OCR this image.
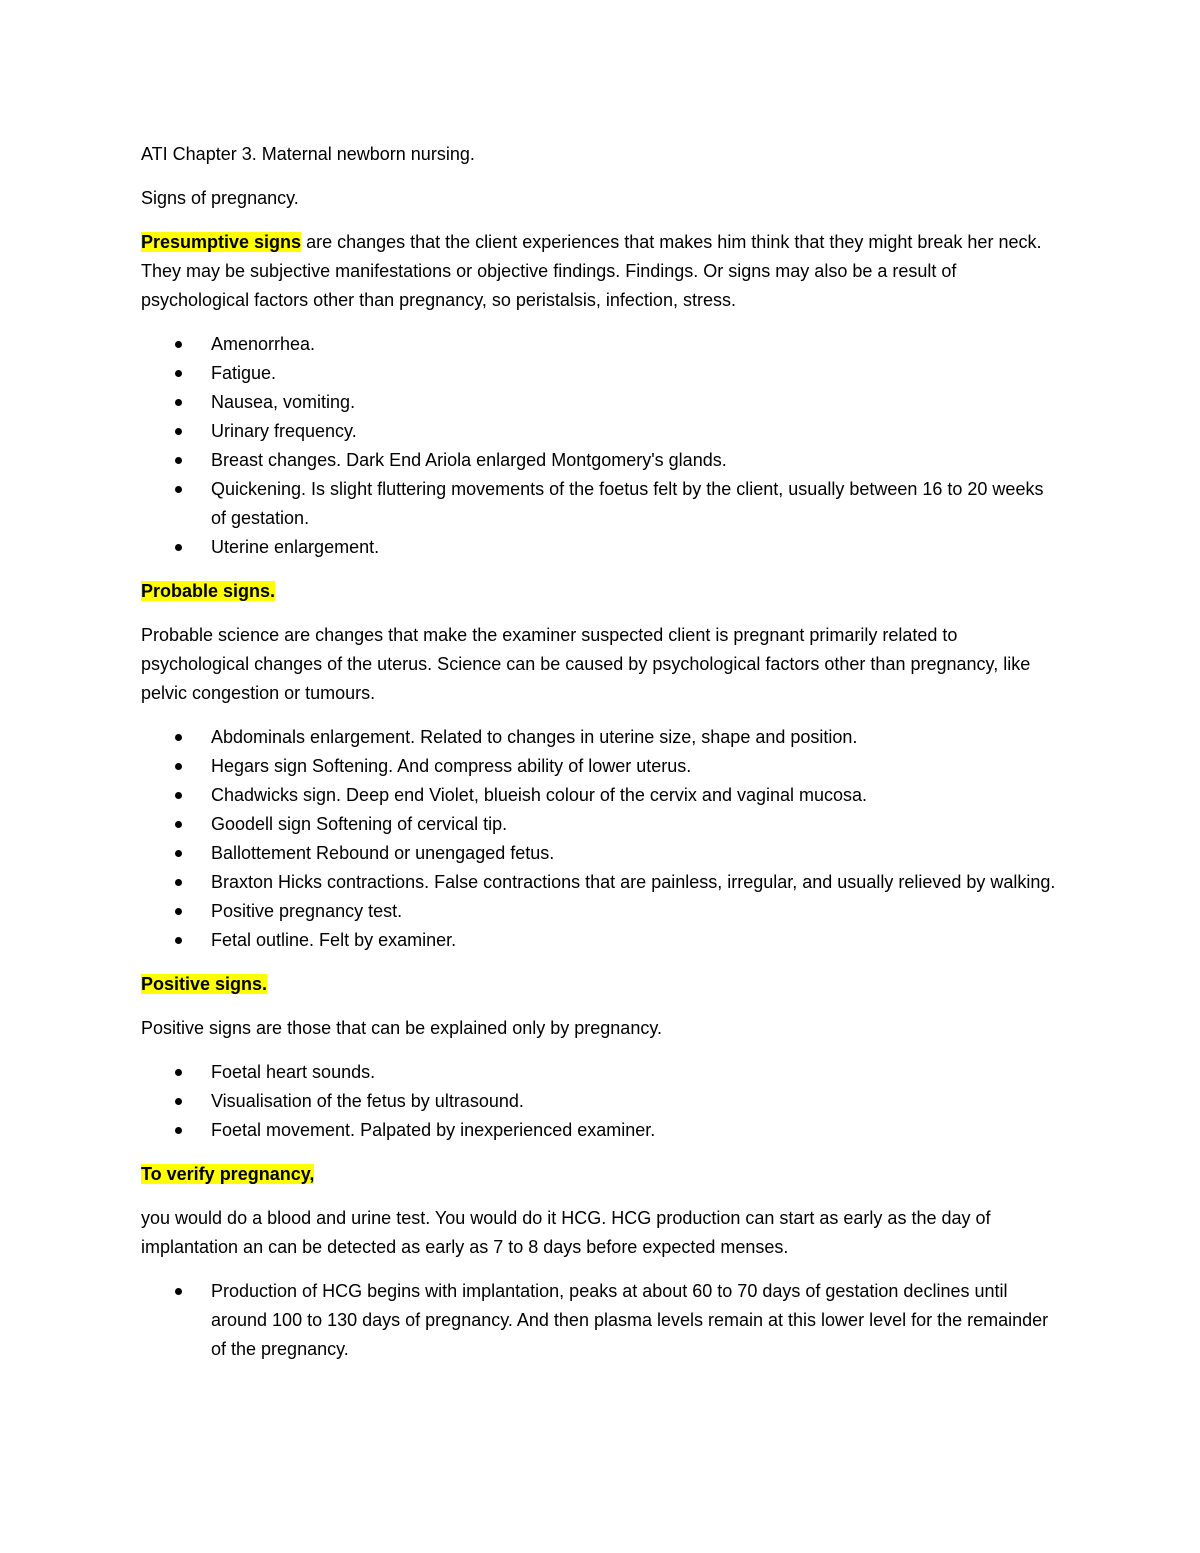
ATI Chapter 3. Maternal newborn nursing.

Signs of pregnancy.

Presumptive signs are changes that the client experiences that makes him think that they might break her neck. They may be subjective manifestations or objective findings. Findings. Or signs may also be a result of psychological factors other than pregnancy, so peristalsis, infection, stress.

Amenorrhea.
Fatigue.
Nausea, vomiting.
Urinary frequency.
Breast changes. Dark End Ariola enlarged Montgomery's glands.
Quickening. Is slight fluttering movements of the foetus felt by the client, usually between 16 to 20 weeks of gestation.
Uterine enlargement.

Probable signs.

Probable science are changes that make the examiner suspected client is pregnant primarily related to psychological changes of the uterus. Science can be caused by psychological factors other than pregnancy, like pelvic congestion or tumours.

Abdominals enlargement. Related to changes in uterine size, shape and position.
Hegars sign Softening. And compress ability of lower uterus.
Chadwicks sign. Deep end Violet, blueish colour of the cervix and vaginal mucosa.
Goodell sign Softening of cervical tip.
Ballottement Rebound or unengaged fetus.
Braxton Hicks contractions. False contractions that are painless, irregular, and usually relieved by walking.
Positive pregnancy test.
Fetal outline. Felt by examiner.

Positive signs.

Positive signs are those that can be explained only by pregnancy.

Foetal heart sounds.
Visualisation of the fetus by ultrasound.
Foetal movement. Palpated by inexperienced examiner.

To verify pregnancy,

you would do a blood and urine test. You would do it HCG. HCG production can start as early as the day of implantation an can be detected as early as 7 to 8 days before expected menses.

Production of HCG begins with implantation, peaks at about 60 to 70 days of gestation declines until around 100 to 130 days of pregnancy. And then plasma levels remain at this lower level for the remainder of the pregnancy.
